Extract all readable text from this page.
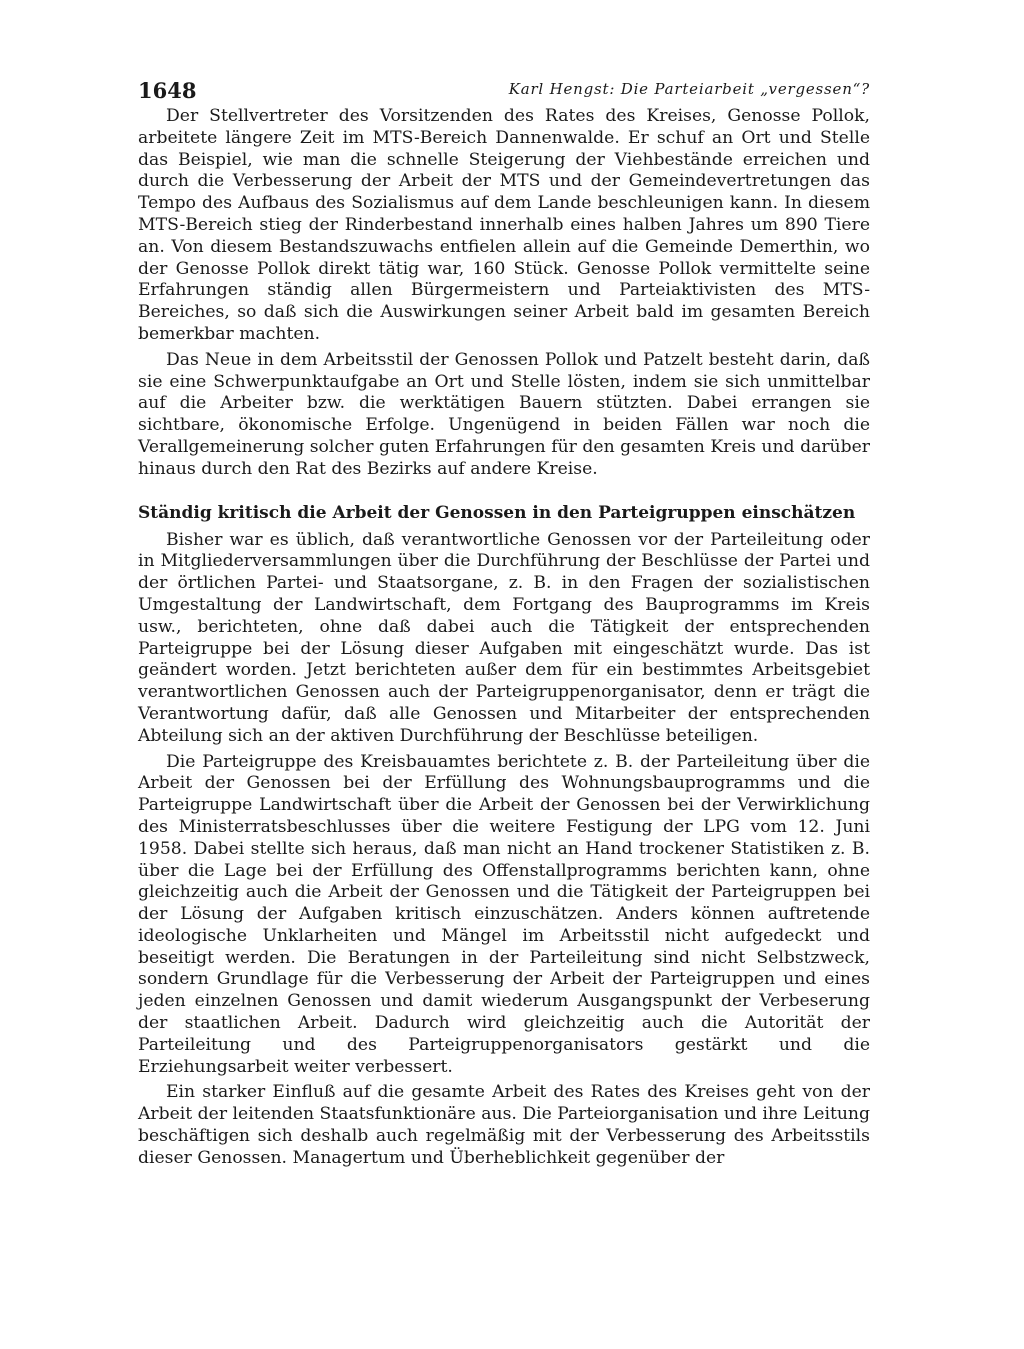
1648	Karl Hengst: Die Parteiarbeit „vergessen“?

Der Stellvertreter des Vorsitzenden des Rates des Kreises, Genosse Pollok, arbeitete längere Zeit im MTS-Bereich Dannenwalde. Er schuf an Ort und Stelle das Beispiel, wie man die schnelle Steigerung der Viehbestände erreichen und durch die Verbesserung der Arbeit der MTS und der Gemeindevertretungen das Tempo des Aufbaus des Sozialismus auf dem Lande beschleunigen kann. In diesem MTS-Bereich stieg der Rinderbestand innerhalb eines halben Jahres um 890 Tiere an. Von diesem Bestandszuwachs entfielen allein auf die Gemeinde Demerthin, wo der Genosse Pollok direkt tätig war, 160 Stück. Genosse Pollok vermittelte seine Erfahrungen ständig allen Bürgermeistern und Parteiaktivisten des MTS-Bereiches, so daß sich die Auswirkungen seiner Arbeit bald im gesamten Bereich bemerkbar machten.

Das Neue in dem Arbeitsstil der Genossen Pollok und Patzelt besteht darin, daß sie eine Schwerpunktaufgabe an Ort und Stelle lösten, indem sie sich unmittelbar auf die Arbeiter bzw. die werktätigen Bauern stützten. Dabei errangen sie sichtbare, ökonomische Erfolge. Ungenügend in beiden Fällen war noch die Verallgemeinerung solcher guten Erfahrungen für den gesamten Kreis und darüber hinaus durch den Rat des Bezirks auf andere Kreise.

Ständig kritisch die Arbeit der Genossen in den Parteigruppen einschätzen

Bisher war es üblich, daß verantwortliche Genossen vor der Parteileitung oder in Mitgliederversammlungen über die Durchführung der Beschlüsse der Partei und der örtlichen Partei- und Staatsorgane, z. B. in den Fragen der sozialistischen Umgestaltung der Landwirtschaft, dem Fortgang des Bauprogramms im Kreis usw., berichteten, ohne daß dabei auch die Tätigkeit der entsprechenden Parteigruppe bei der Lösung dieser Aufgaben mit eingeschätzt wurde. Das ist geändert worden. Jetzt berichteten außer dem für ein bestimmtes Arbeitsgebiet verantwortlichen Genossen auch der Parteigruppenorganisator, denn er trägt die Verantwortung dafür, daß alle Genossen und Mitarbeiter der entsprechenden Abteilung sich an der aktiven Durchführung der Beschlüsse beteiligen.

Die Parteigruppe des Kreisbauamtes berichtete z. B. der Parteileitung über die Arbeit der Genossen bei der Erfüllung des Wohnungsbauprogramms und die Parteigruppe Landwirtschaft über die Arbeit der Genossen bei der Verwirklichung des Ministerratsbeschlusses über die weitere Festigung der LPG vom 12. Juni 1958. Dabei stellte sich heraus, daß man nicht an Hand trockener Statistiken z. B. über die Lage bei der Erfüllung des Offenstallprogramms berichten kann, ohne gleichzeitig auch die Arbeit der Genossen und die Tätigkeit der Parteigruppen bei der Lösung der Aufgaben kritisch einzuschätzen. Anders können auftretende ideologische Unklarheiten und Mängel im Arbeitsstil nicht aufgedeckt und beseitigt werden. Die Beratungen in der Parteileitung sind nicht Selbstzweck, sondern Grundlage für die Verbesserung der Arbeit der Parteigruppen und eines jeden einzelnen Genossen und damit wiederum Ausgangspunkt der Verbeserung der staatlichen Arbeit. Dadurch wird gleichzeitig auch die Autorität der Parteileitung und des Parteigruppenorganisators gestärkt und die Erziehungsarbeit weiter verbessert.

Ein starker Einfluß auf die gesamte Arbeit des Rates des Kreises geht von der Arbeit der leitenden Staatsfunktionäre aus. Die Parteiorganisation und ihre Leitung beschäftigen sich deshalb auch regelmäßig mit der Verbesserung des Arbeitsstils dieser Genossen. Managertum und Überheblichkeit gegenüber der
